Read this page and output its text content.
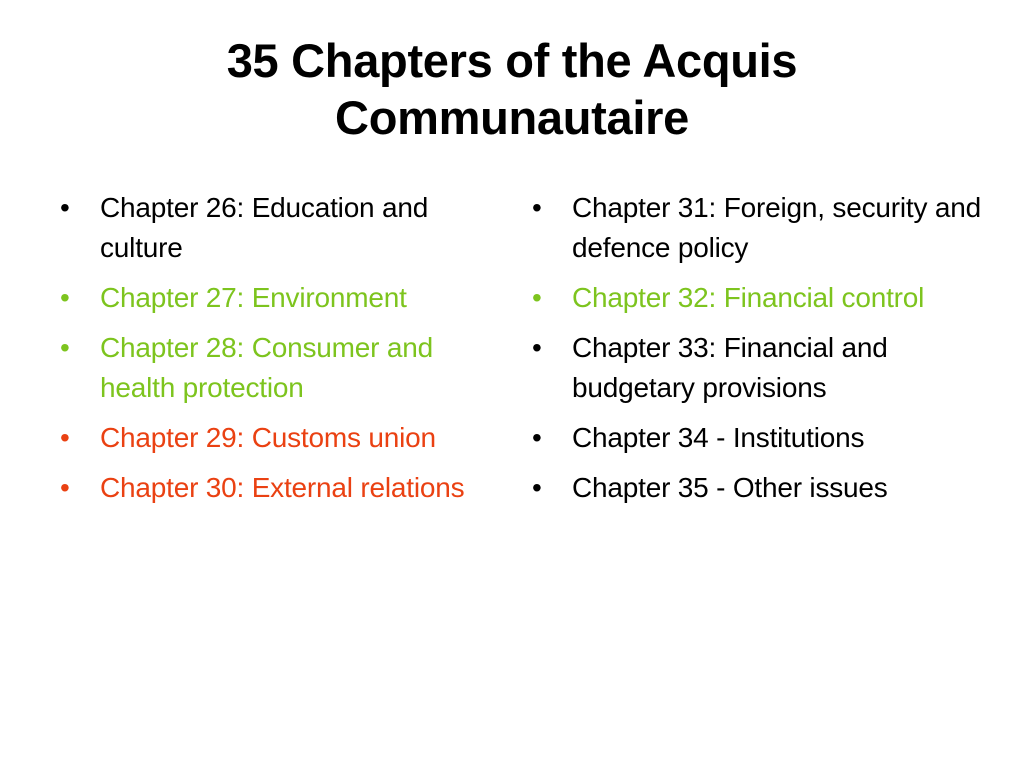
35 Chapters of the Acquis
Communautaire
•	Chapter 26: Education and culture
•	Chapter 27: Environment
•	Chapter 28: Consumer and health protection
•	Chapter 29: Customs union
•	Chapter 30: External relations
•	Chapter 31: Foreign, security and defence policy
•	Chapter 32: Financial control
•	Chapter 33: Financial and budgetary provisions
•	Chapter 34 - Institutions
•	Chapter 35 - Other issues
